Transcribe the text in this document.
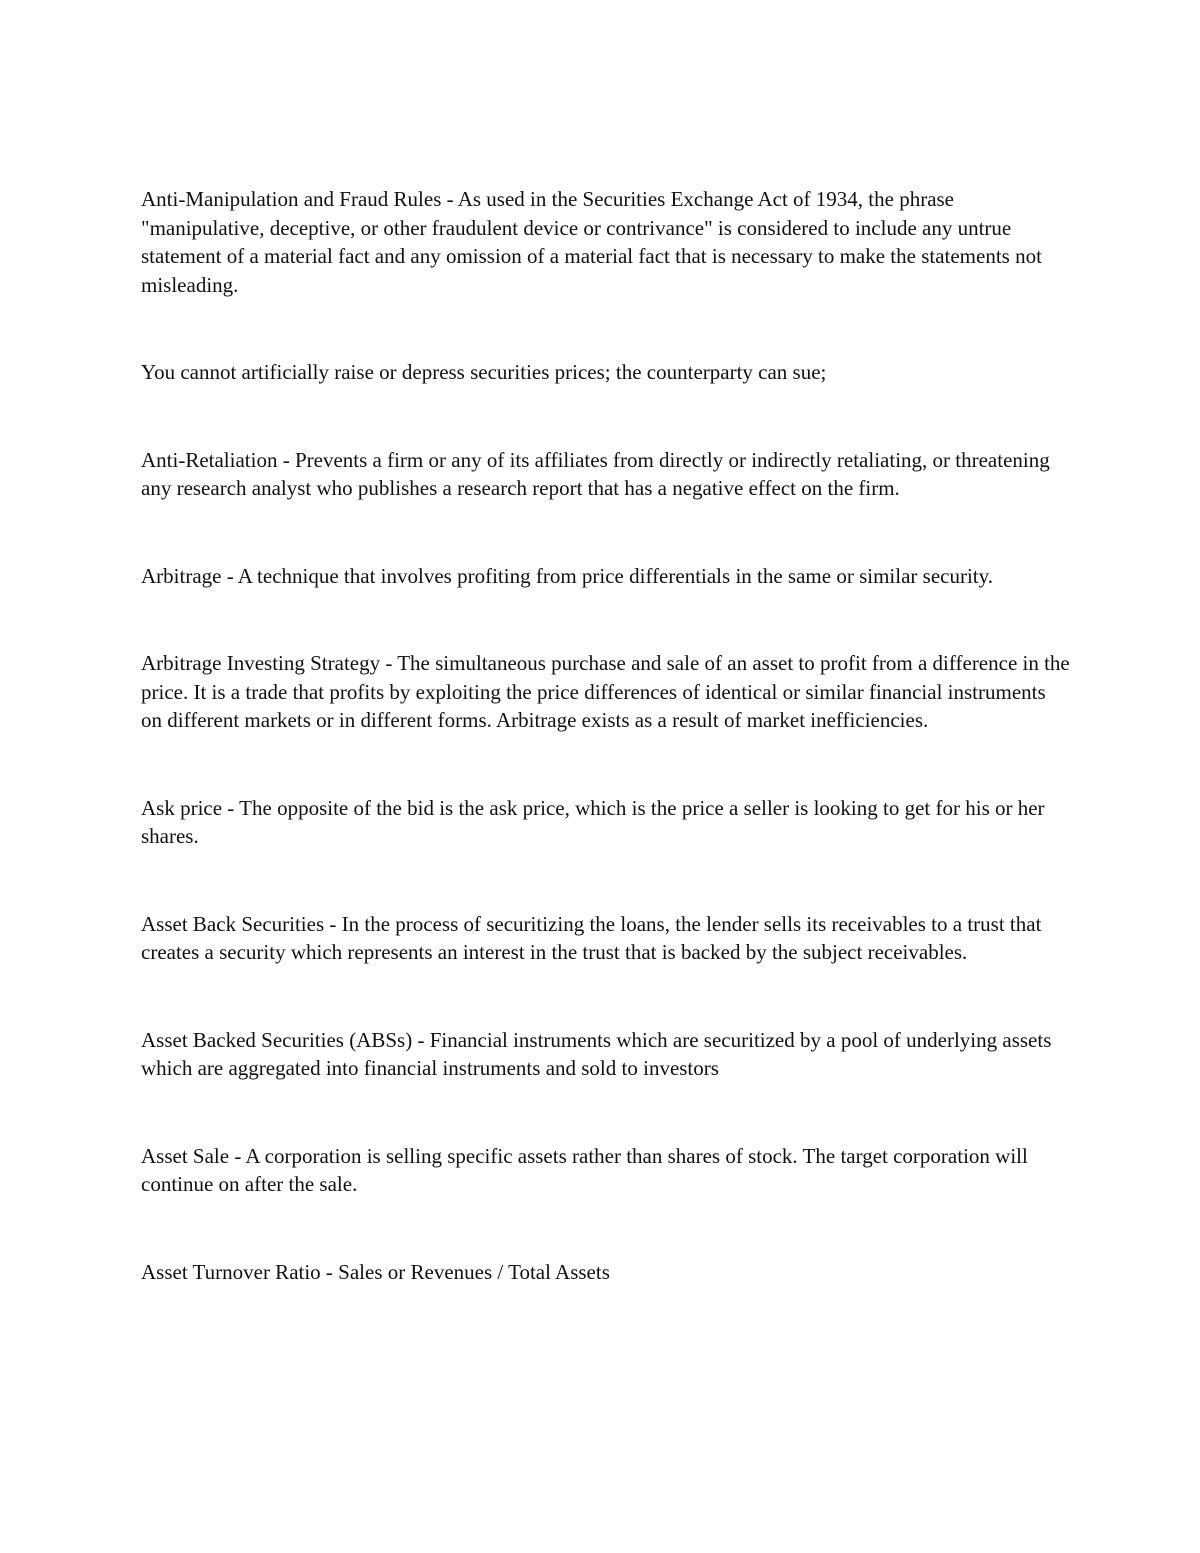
Anti-Manipulation and Fraud Rules - As used in the Securities Exchange Act of 1934, the phrase "manipulative, deceptive, or other fraudulent device or contrivance" is considered to include any untrue statement of a material fact and any omission of a material fact that is necessary to make the statements not misleading.

You cannot artificially raise or depress securities prices; the counterparty can sue;

Anti-Retaliation - Prevents a firm or any of its affiliates from directly or indirectly retaliating, or threatening any research analyst who publishes a research report that has a negative effect on the firm.

Arbitrage - A technique that involves profiting from price differentials in the same or similar security.

Arbitrage Investing Strategy - The simultaneous purchase and sale of an asset to profit from a difference in the price. It is a trade that profits by exploiting the price differences of identical or similar financial instruments on different markets or in different forms. Arbitrage exists as a result of market inefficiencies.

Ask price - The opposite of the bid is the ask price, which is the price a seller is looking to get for his or her shares.

Asset Back Securities - In the process of securitizing the loans, the lender sells its receivables to a trust that creates a security which represents an interest in the trust that is backed by the subject receivables.

Asset Backed Securities (ABSs) - Financial instruments which are securitized by a pool of underlying assets which are aggregated into financial instruments and sold to investors

Asset Sale - A corporation is selling specific assets rather than shares of stock. The target corporation will continue on after the sale.

Asset Turnover Ratio - Sales or Revenues / Total Assets
